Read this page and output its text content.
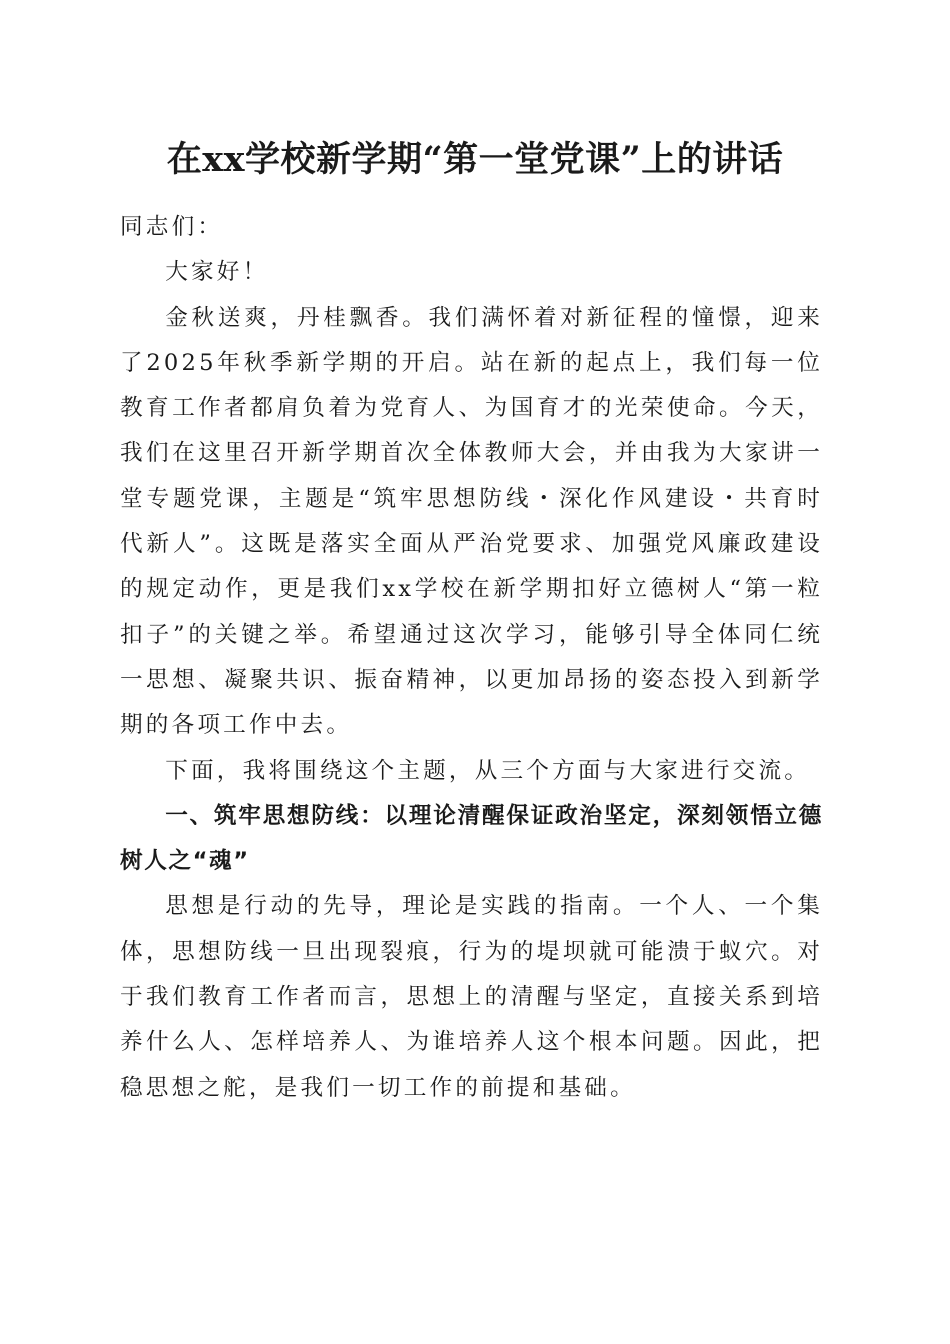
在xx学校新学期“第一堂党课”上的讲话

同志们：

大家好！

金秋送爽，丹桂飘香。我们满怀着对新征程的憧憬，迎来了2025年秋季新学期的开启。站在新的起点上，我们每一位教育工作者都肩负着为党育人、为国育才的光荣使命。今天，我们在这里召开新学期首次全体教师大会，并由我为大家讲一堂专题党课，主题是“筑牢思想防线・深化作风建设・共育时代新人”。这既是落实全面从严治党要求、加强党风廉政建设的规定动作，更是我们xx学校在新学期扣好立德树人“第一粒扣子”的关键之举。希望通过这次学习，能够引导全体同仁统一思想、凝聚共识、振奋精神，以更加昂扬的姿态投入到新学期的各项工作中去。

下面，我将围绕这个主题，从三个方面与大家进行交流。

一、筑牢思想防线：以理论清醒保证政治坚定，深刻领悟立德树人之“魂”

思想是行动的先导，理论是实践的指南。一个人、一个集体，思想防线一旦出现裂痕，行为的堤坝就可能溃于蚁穴。对于我们教育工作者而言，思想上的清醒与坚定，直接关系到培养什么人、怎样培养人、为谁培养人这个根本问题。因此，把稳思想之舵，是我们一切工作的前提和基础。
